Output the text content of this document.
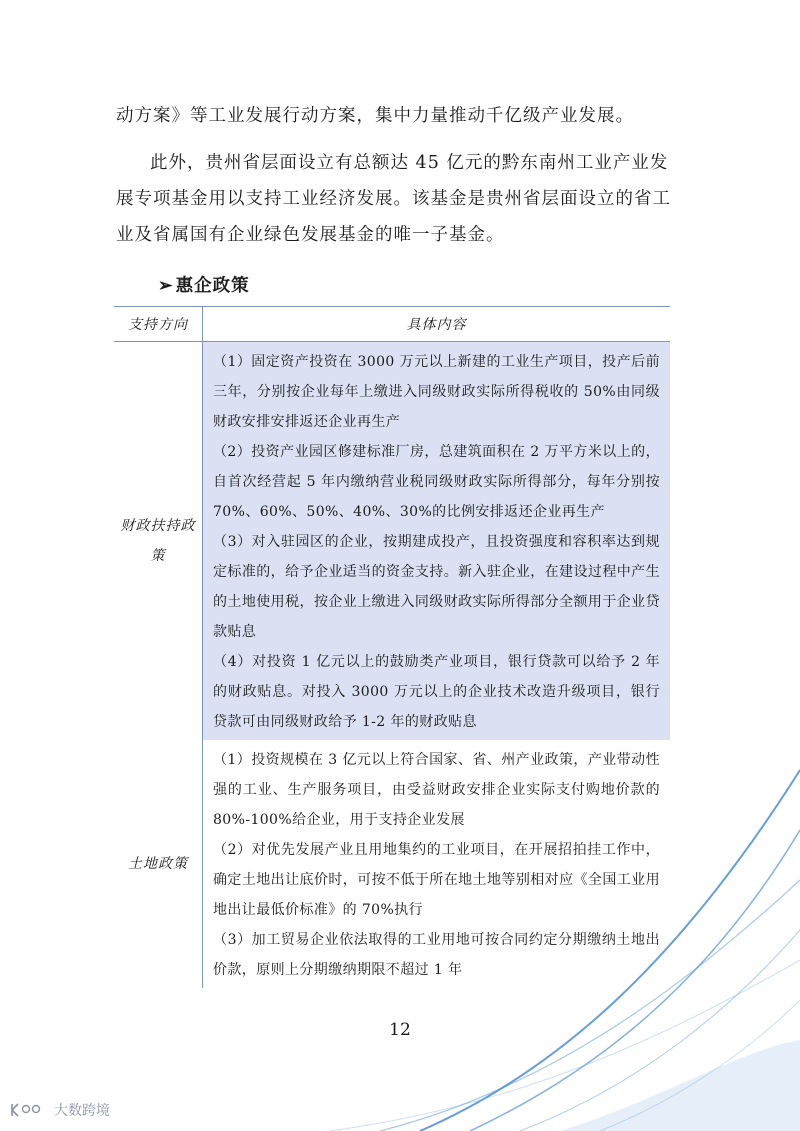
动方案》等工业发展行动方案，集中力量推动千亿级产业发展。

此外，贵州省层面设立有总额达 45 亿元的黔东南州工业产业发展专项基金用以支持工业经济发展。该基金是贵州省层面设立的省工业及省属国有企业绿色发展基金的唯一子基金。

➢ 惠企政策
支持方向	具体内容
财政扶持政策	（1）固定资产投资在 3000 万元以上新建的工业生产项目，投产后前三年，分别按企业每年上缴进入同级财政实际所得税收的 50%由同级财政安排安排返还企业再生产

（2）投资产业园区修建标准厂房，总建筑面积在 2 万平方米以上的，自首次经营起 5 年内缴纳营业税同级财政实际所得部分，每年分别按 70%、60%、50%、40%、30%的比例安排返还企业再生产

（3）对入驻园区的企业，按期建成投产，且投资强度和容积率达到规定标准的，给予企业适当的资金支持。新入驻企业，在建设过程中产生的土地使用税，按企业上缴进入同级财政实际所得部分全额用于企业贷款贴息

（4）对投资 1 亿元以上的鼓励类产业项目，银行贷款可以给予 2 年的财政贴息。对投入 3000 万元以上的企业技术改造升级项目，银行贷款可由同级财政给予 1-2 年的财政贴息

土地政策	（1）投资规模在 3 亿元以上符合国家、省、州产业政策，产业带动性强的工业、生产服务项目，由受益财政安排企业实际支付购地价款的 80%-100%给企业，用于支持企业发展

（2）对优先发展产业且用地集约的工业项目，在开展招拍挂工作中，确定土地出让底价时，可按不低于所在地土地等别相对应《全国工业用地出让最低价标准》的 70%执行

（3）加工贸易企业依法取得的工业用地可按合同约定分期缴纳土地出价款，原则上分期缴纳期限不超过 1 年

12
大数跨境
